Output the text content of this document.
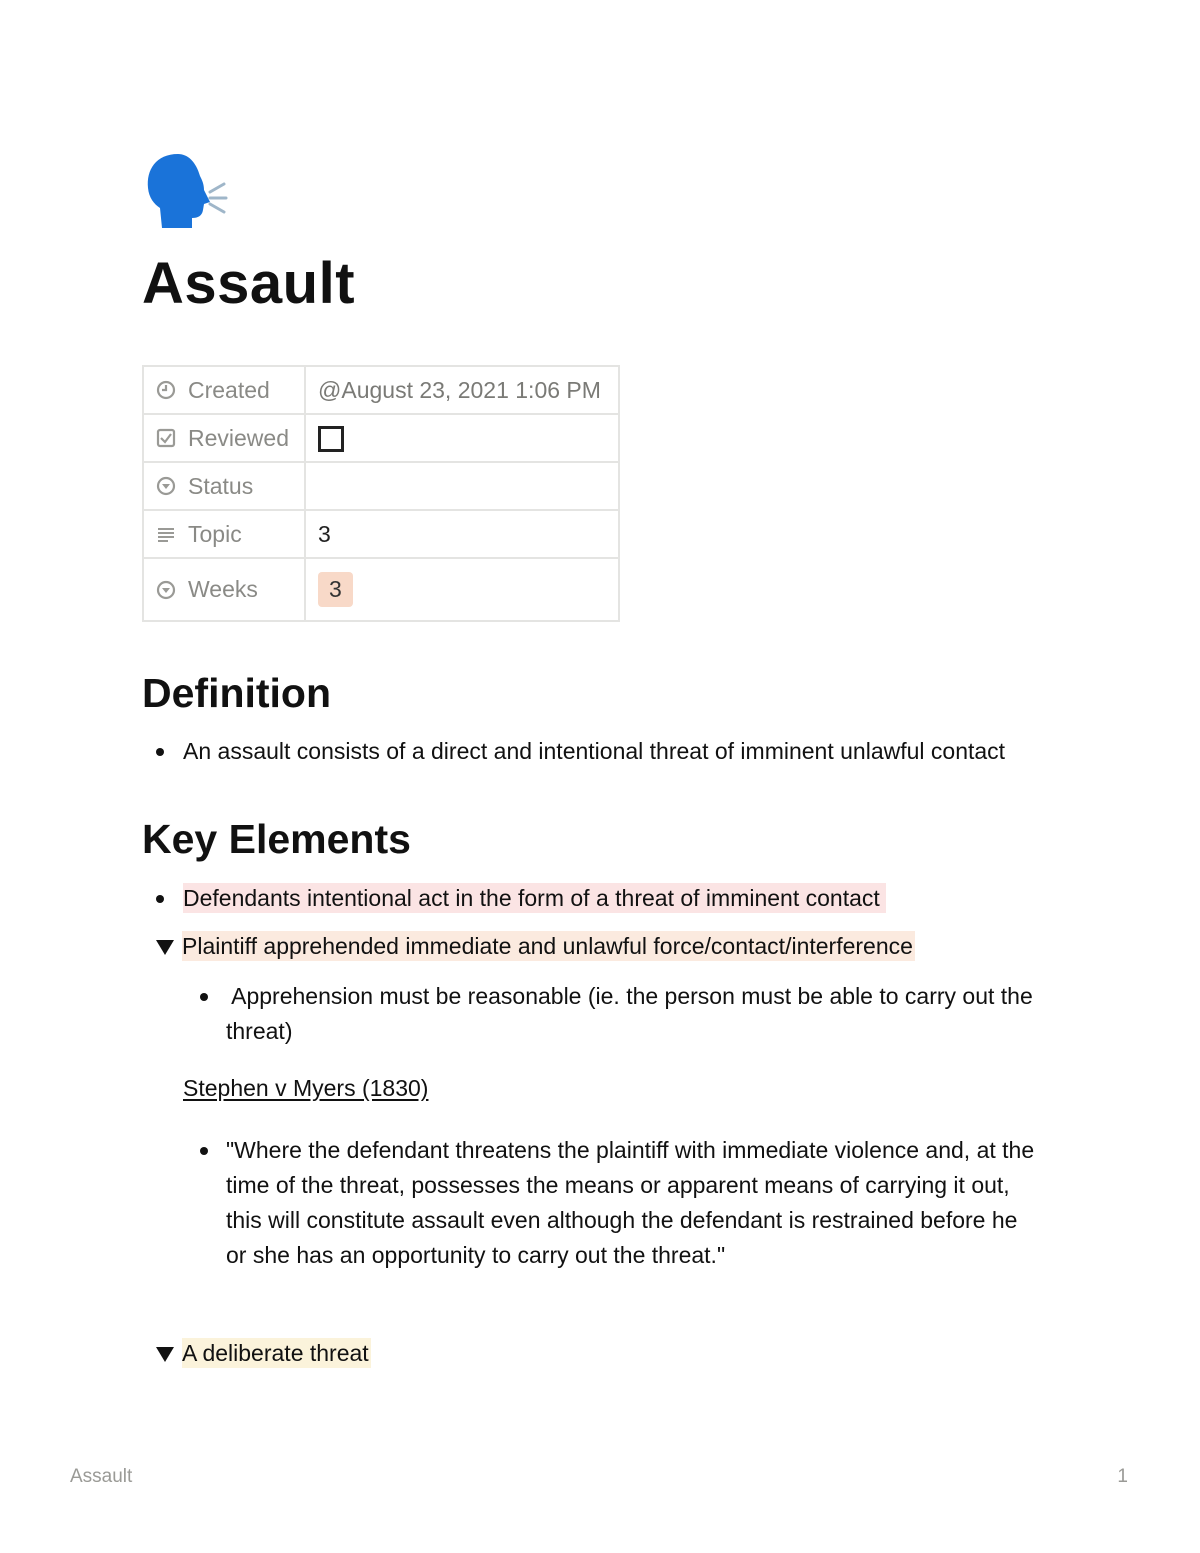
Assault
Created	@August 23, 2021 1:06 PM

Reviewed	

Status	

Topic	3

Weeks	3
Definition
An assault consists of a direct and intentional threat of imminent unlawful contact
Key Elements
Defendants intentional act in the form of a threat of imminent contact
Plaintiff apprehended immediate and unlawful force/contact/interference
Apprehension must be reasonable (ie. the person must be able to carry out the
threat)
Stephen v Myers (1830)
"Where the defendant threatens the plaintiff with immediate violence and, at the
time of the threat, possesses the means or apparent means of carrying it out,
this will constitute assault even although the defendant is restrained before he
or she has an opportunity to carry out the threat."
A deliberate threat
Assault	1
